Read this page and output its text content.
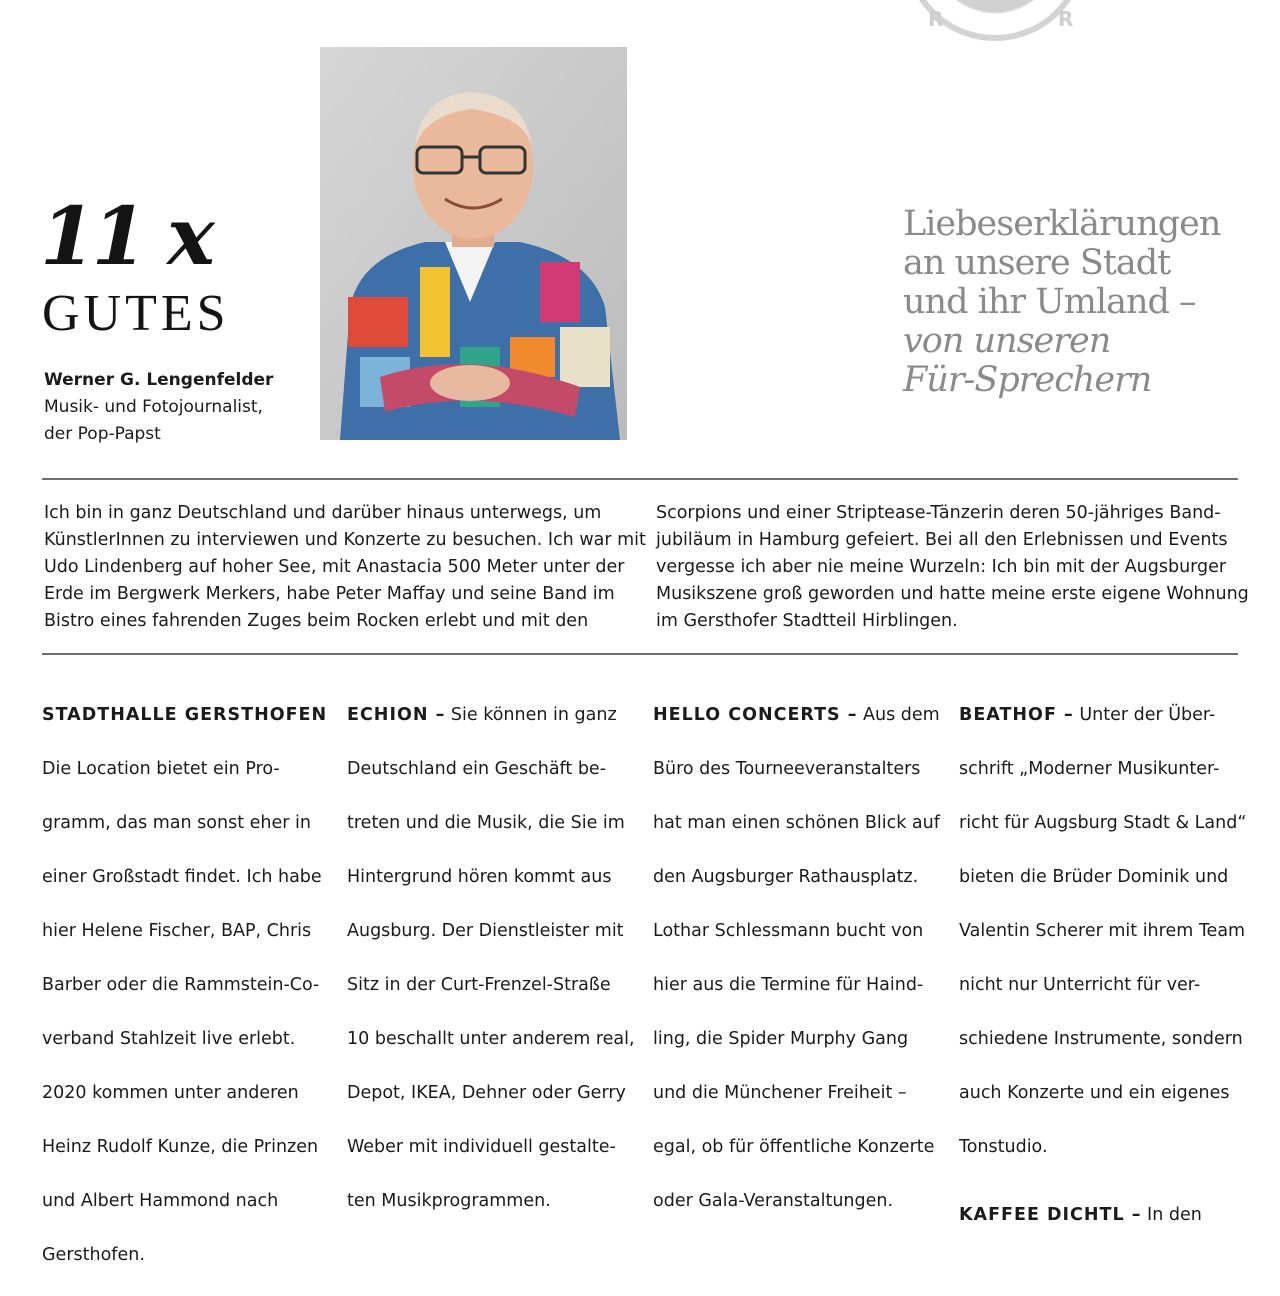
R	R
11 x
GUTES
Werner G. Lengenfelder
Musik- und Fotojournalist,
der Pop-Papst
Liebeserklärungen
an unsere Stadt
und ihr Umland –
von unseren
Für-Sprechern
Ich bin in ganz Deutschland und darüber hinaus unterwegs, um
KünstlerInnen zu interviewen und Konzerte zu besuchen. Ich war mit
Udo Lindenberg auf hoher See, mit Anastacia 500 Meter unter der
Erde im Bergwerk Merkers, habe Peter Maffay und seine Band im
Bistro eines fahrenden Zuges beim Rocken erlebt und mit den
Scorpions und einer Striptease-Tänzerin deren 50-jähriges Band-
jubiläum in Hamburg gefeiert. Bei all den Erlebnissen und Events
vergesse ich aber nie meine Wurzeln: Ich bin mit der Augsburger
Musikszene groß geworden und hatte meine erste eigene Wohnung
im Gersthofer Stadtteil Hirblingen.

STADTHALLE GERSTHOFEN

Die Location bietet ein Pro-

gramm, das man sonst eher in

einer Großstadt findet. Ich habe

hier Helene Fischer, BAP, Chris

Barber oder die Rammstein-Co-

verband Stahlzeit live erlebt.

2020 kommen unter anderen

Heinz Rudolf Kunze, die Prinzen

und Albert Hammond nach

Gersthofen.

ECHION – Sie können in ganz

Deutschland ein Geschäft be-

treten und die Musik, die Sie im

Hintergrund hören kommt aus

Augsburg. Der Dienstleister mit

Sitz in der Curt-Frenzel-Straße

10 beschallt unter anderem real,

Depot, IKEA, Dehner oder Gerry

Weber mit individuell gestalte-

ten Musikprogrammen.

HELLO CONCERTS – Aus dem

Büro des Tourneeveranstalters

hat man einen schönen Blick auf

den Augsburger Rathausplatz.

Lothar Schlessmann bucht von

hier aus die Termine für Haind-

ling, die Spider Murphy Gang

und die Münchener Freiheit –

egal, ob für öffentliche Konzerte

oder Gala-Veranstaltungen.

BEATHOF – Unter der Über-

schrift „Moderner Musikunter-

richt für Augsburg Stadt & Land“

bieten die Brüder Dominik und

Valentin Scherer mit ihrem Team

nicht nur Unterricht für ver-

schiedene Instrumente, sondern

auch Konzerte und ein eigenes

Tonstudio.

KAFFEE DICHTL – In den
